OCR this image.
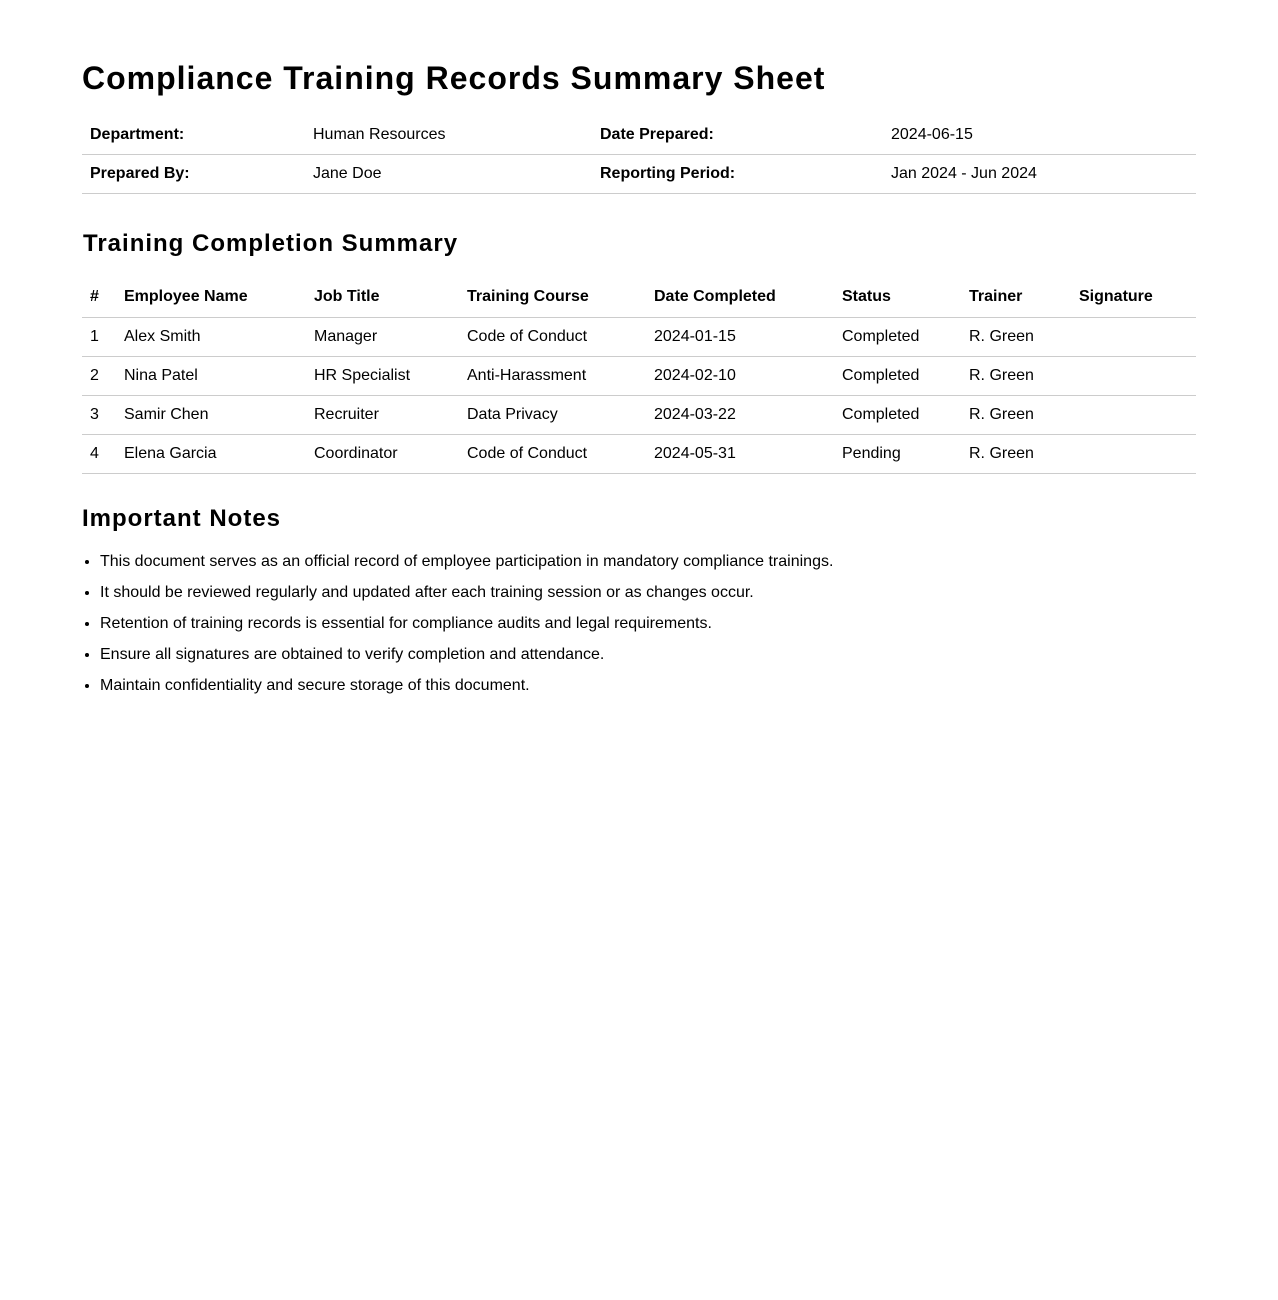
Compliance Training Records Summary Sheet
Department:	Human Resources	Date Prepared:	2024-06-15
Prepared By:	Jane Doe	Reporting Period:	Jan 2024 - Jun 2024
Training Completion Summary
#	Employee Name	Job Title	Training Course	Date Completed	Status	Trainer	Signature
1	Alex Smith	Manager	Code of Conduct	2024-01-15	Completed	R. Green	
2	Nina Patel	HR Specialist	Anti-Harassment	2024-02-10	Completed	R. Green	
3	Samir Chen	Recruiter	Data Privacy	2024-03-22	Completed	R. Green	
4	Elena Garcia	Coordinator	Code of Conduct	2024-05-31	Pending	R. Green	
Important Notes
• This document serves as an official record of employee participation in mandatory compliance trainings.
• It should be reviewed regularly and updated after each training session or as changes occur.
• Retention of training records is essential for compliance audits and legal requirements.
• Ensure all signatures are obtained to verify completion and attendance.
• Maintain confidentiality and secure storage of this document.
